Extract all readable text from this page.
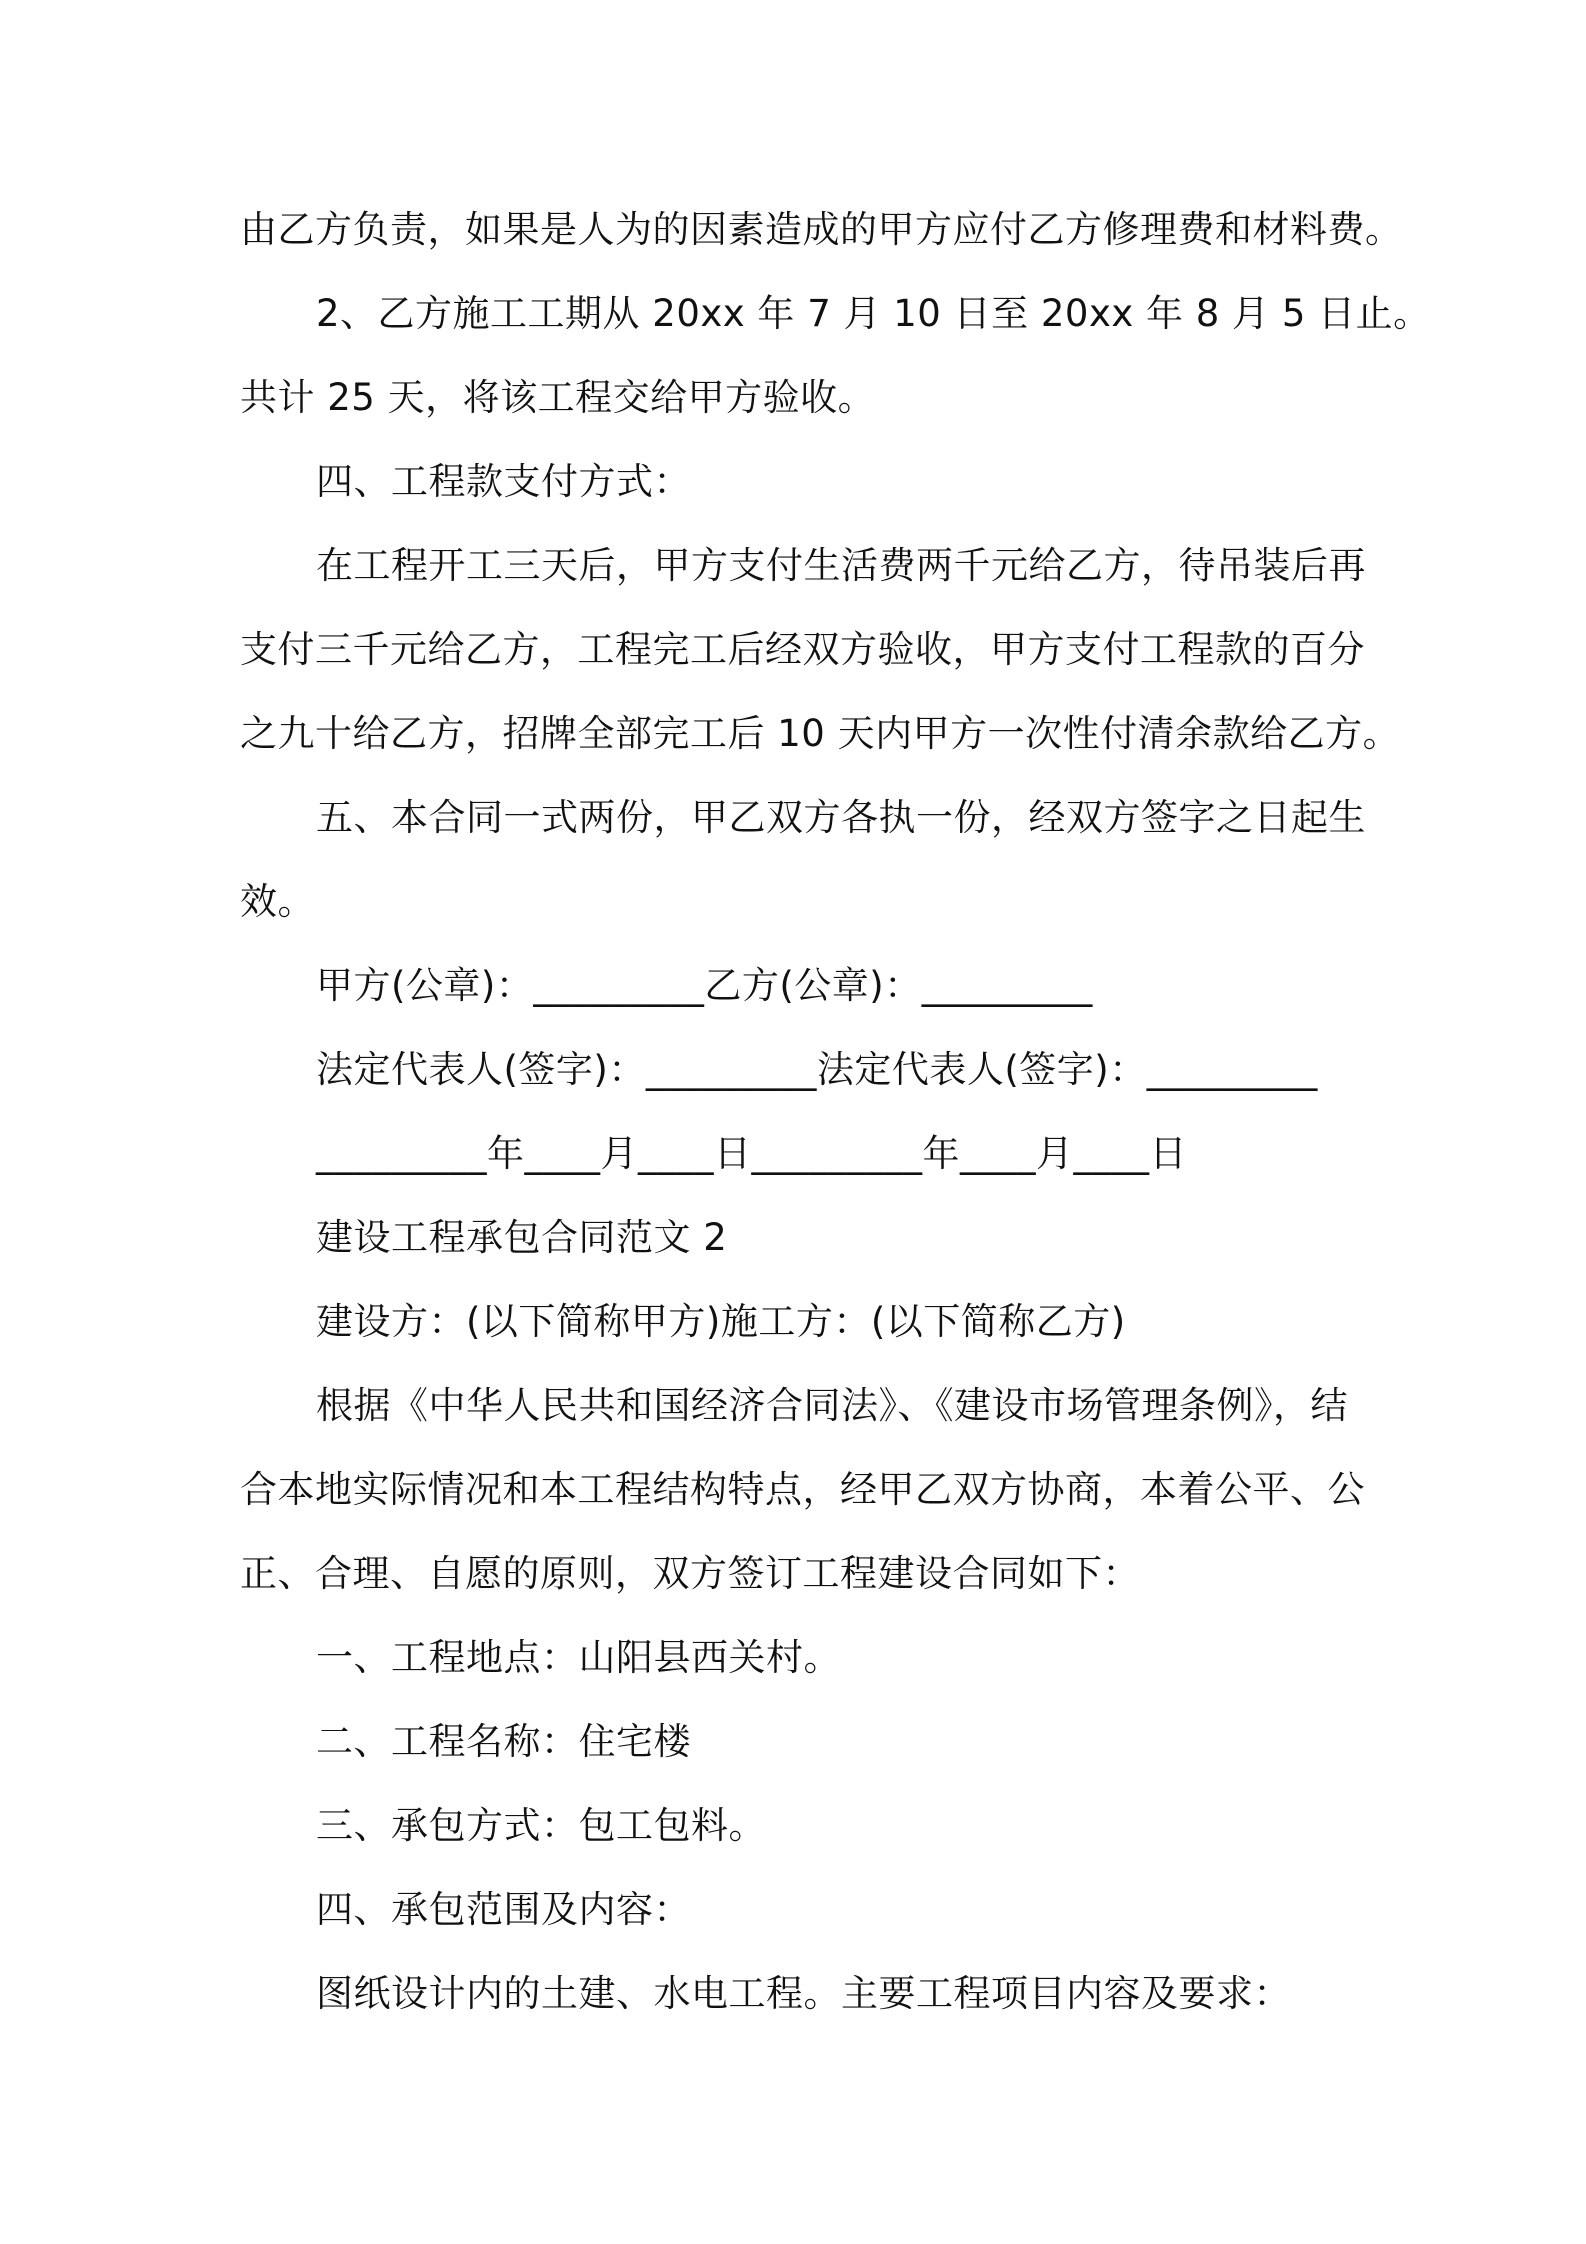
由乙方负责，如果是人为的因素造成的甲方应付乙方修理费和材料费。
2、乙方施工工期从 20xx 年 7 月 10 日至 20xx 年 8 月 5 日止。
共计 25 天，将该工程交给甲方验收。
四、工程款支付方式：
在工程开工三天后，甲方支付生活费两千元给乙方，待吊装后再
支付三千元给乙方，工程完工后经双方验收，甲方支付工程款的百分
之九十给乙方，招牌全部完工后 10 天内甲方一次性付清余款给乙方。
五、本合同一式两份，甲乙双方各执一份，经双方签字之日起生
效。
甲方(公章)：_________乙方(公章)：_________
法定代表人(签字)：_________法定代表人(签字)：_________
_________年____月____日_________年____月____日
建设工程承包合同范文 2
建设方：(以下简称甲方)施工方：(以下简称乙方)
根据《中华人民共和国经济合同法》、《建设市场管理条例》，结
合本地实际情况和本工程结构特点，经甲乙双方协商，本着公平、公
正、合理、自愿的原则，双方签订工程建设合同如下：
一、工程地点：山阳县西关村。
二、工程名称：住宅楼
三、承包方式：包工包料。
四、承包范围及内容：
图纸设计内的土建、水电工程。主要工程项目内容及要求：
